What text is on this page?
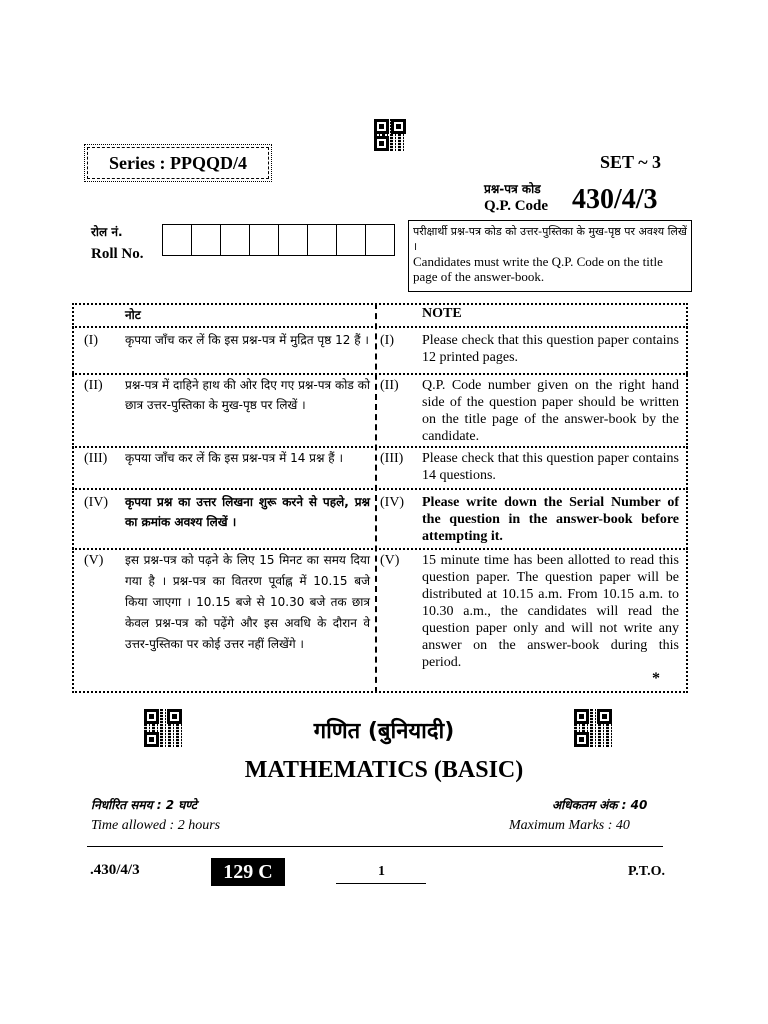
Series : PPQQD/4	SET ~ 3
प्रश्न-पत्र कोड
Q.P. Code 430/4/3
रोल नं.
Roll No.
परीक्षार्थी प्रश्न-पत्र कोड को उत्तर-पुस्तिका के मुख-पृष्ठ पर अवश्य लिखें ।
Candidates must write the Q.P. Code on the title page of the answer-book.
नोट	NOTE
(I) कृपया जाँच कर लें कि इस प्रश्न-पत्र में मुद्रित पृष्ठ 12 हैं । (I) Please check that this question paper contains 12 printed pages.
(II) प्रश्न-पत्र में दाहिने हाथ की ओर दिए गए प्रश्न-पत्र कोड को छात्र उत्तर-पुस्तिका के मुख-पृष्ठ पर लिखें ।
(II) Q.P. Code number given on the right hand side of the question paper should be written on the title page of the answer-book by the candidate.
(III) कृपया जाँच कर लें कि इस प्रश्न-पत्र में 14 प्रश्न हैं ।	(III) Please check that this question paper contains 14 questions.
(IV) कृपया प्रश्न का उत्तर लिखना शुरू करने से पहले, प्रश्न का क्रमांक अवश्य लिखें ।
(IV) Please write down the Serial Number of the question in the answer-book before attempting it.
(V) इस प्रश्न-पत्र को पढ़ने के लिए 15 मिनट का समय दिया गया है । प्रश्न-पत्र का वितरण पूर्वाह्न में 10.15 बजे किया जाएगा । 10.15 बजे से 10.30 बजे तक छात्र केवल प्रश्न-पत्र को पढ़ेंगे और इस अवधि के दौरान वे उत्तर-पुस्तिका पर कोई उत्तर नहीं लिखेंगे ।
(V) 15 minute time has been allotted to read this question paper. The question paper will be distributed at 10.15 a.m. From 10.15 a.m. to 10.30 a.m., the candidates will read the question paper only and will not write any answer on the answer-book during this period.
*
गणित (बुनियादी)
MATHEMATICS (BASIC)
निर्धारित समय : 2 घण्टे
Time allowed : 2 hours
अधिकतम अंक : 40
Maximum Marks : 40
.430/4/3	129 C	1	P.T.O.
